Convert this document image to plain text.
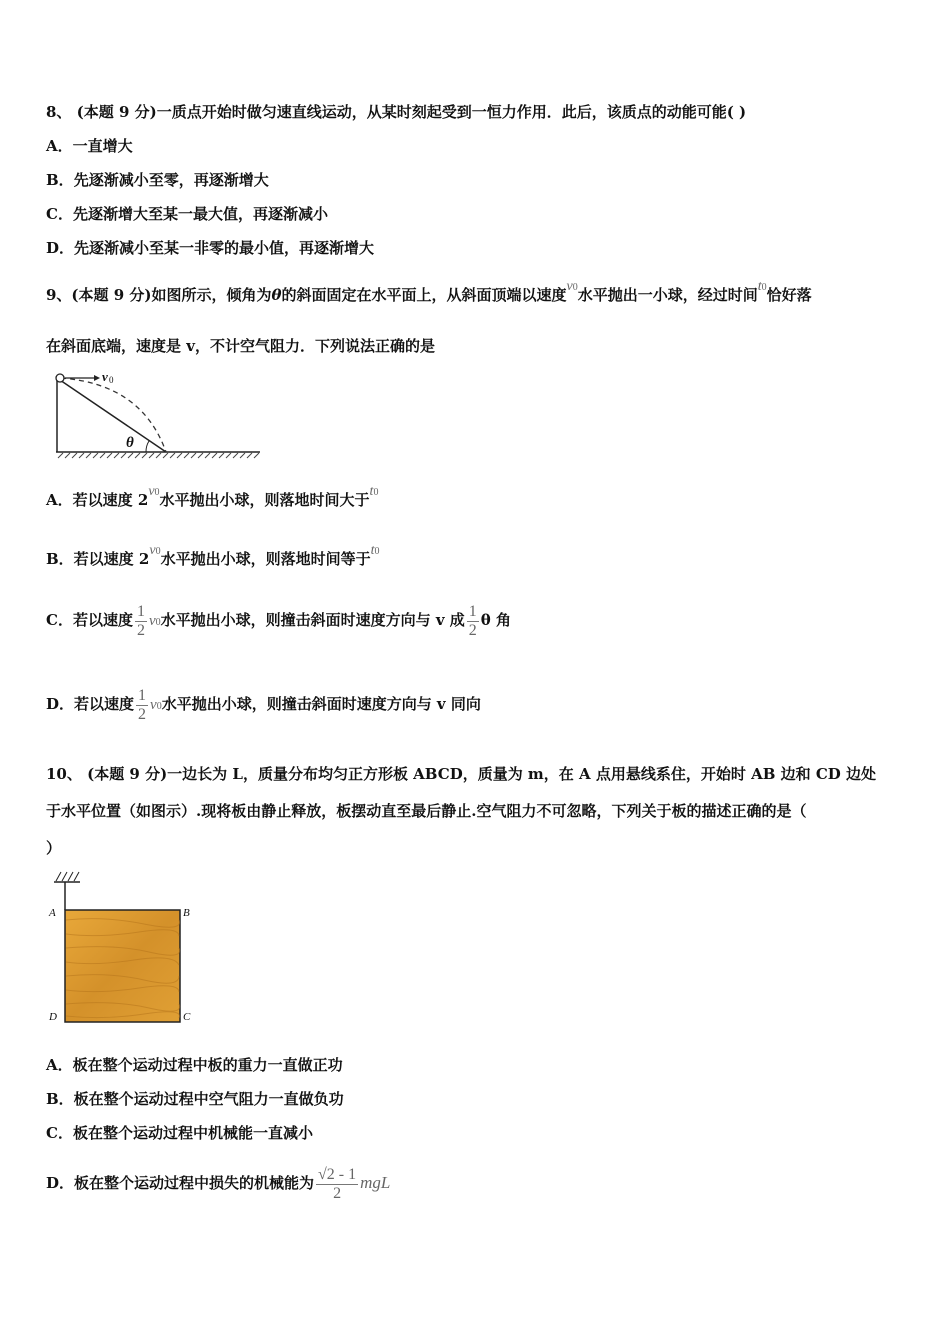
8、 (本题 9 分)一质点开始时做匀速直线运动，从某时刻起受到一恒力作用．此后，该质点的动能可能( )
A．一直增大
B．先逐渐减小至零，再逐渐增大
C．先逐渐增大至某一最大值，再逐渐减小
D．先逐渐减小至某一非零的最小值，再逐渐增大
9、(本题 9 分)如图所示，倾角为θ的斜面固定在水平面上，从斜面顶端以速度v0水平抛出一小球，经过时间t0恰好落
在斜面底端，速度是 v，不计空气阻力．下列说法正确的是
v 0
θ
A．若以速度 2v0水平抛出小球，则落地时间大于t0
B．若以速度 2v0水平抛出小球，则落地时间等于t0
C．若以速度 $\frac{1}{2} v0$水平抛出小球，则撞击斜面时速度方向与 v 成 $\frac{1}{2}$ θ 角
D．若以速度 $\frac{1}{2} v0$水平抛出小球，则撞击斜面时速度方向与 v 同向
10、 (本题 9 分)一边长为 L，质量分布均匀正方形板 ABCD，质量为 m，在 A 点用悬线系住，开始时 AB 边和 CD 边处
于水平位置（如图示）.现将板由静止释放，板摆动直至最后静止.空气阻力不可忽略，下列关于板的描述正确的是（
）
A	B
D	C
A．板在整个运动过程中板的重力一直做正功
B．板在整个运动过程中空气阻力一直做负功
C．板在整个运动过程中机械能一直减小
D．板在整个运动过程中损失的机械能为 $\frac{√2 - 1}{2}$ mgL
